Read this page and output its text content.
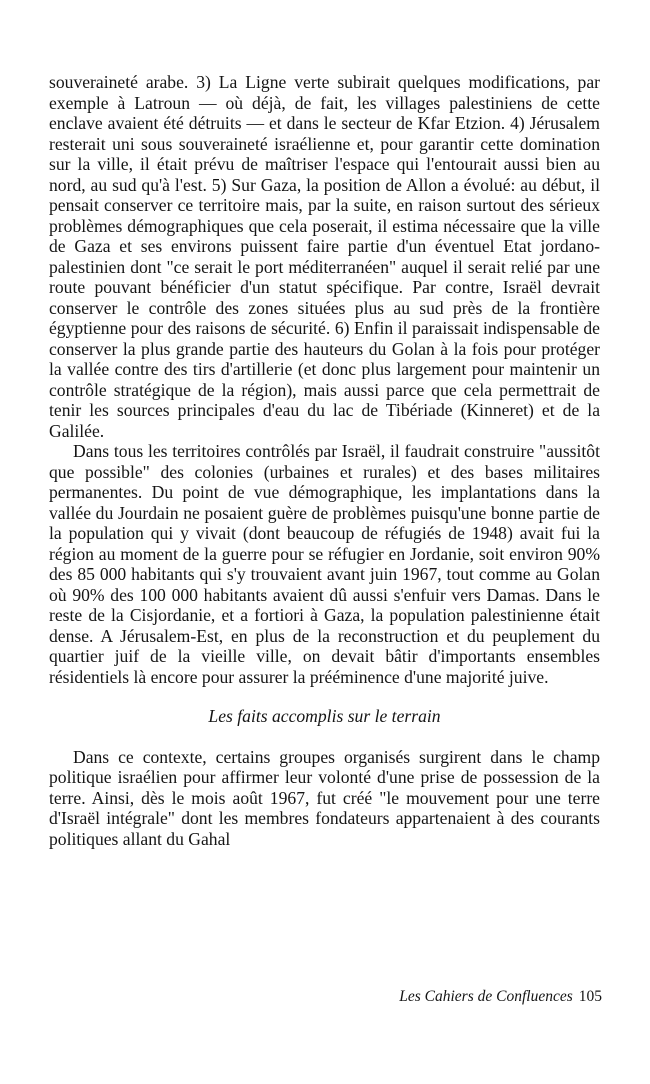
souveraineté arabe. 3) La Ligne verte subirait quelques modifications, par exemple à Latroun — où déjà, de fait, les villages palestiniens de cette enclave avaient été détruits — et dans le secteur de Kfar Etzion. 4) Jérusalem resterait uni sous souveraineté israélienne et, pour garantir cette domination sur la ville, il était prévu de maîtriser l'espace qui l'entourait aussi bien au nord, au sud qu'à l'est. 5) Sur Gaza, la position de Allon a évolué: au début, il pensait conserver ce territoire mais, par la suite, en raison surtout des sérieux problèmes démographiques que cela poserait, il estima nécessaire que la ville de Gaza et ses environs puissent faire partie d'un éventuel Etat jordano-palestinien dont "ce serait le port méditerranéen" auquel il serait relié par une route pouvant bénéficier d'un statut spécifique. Par contre, Israël devrait conserver le contrôle des zones situées plus au sud près de la frontière égyptienne pour des raisons de sécurité. 6) Enfin il paraissait indispensable de conserver la plus grande partie des hauteurs du Golan à la fois pour protéger la vallée contre des tirs d'artillerie (et donc plus largement pour maintenir un contrôle stratégique de la région), mais aussi parce que cela permettrait de tenir les sources principales d'eau du lac de Tibériade (Kinneret) et de la Galilée.

Dans tous les territoires contrôlés par Israël, il faudrait construire "aussitôt que possible" des colonies (urbaines et rurales) et des bases militaires permanentes. Du point de vue démographique, les implantations dans la vallée du Jourdain ne posaient guère de problèmes puisqu'une bonne partie de la population qui y vivait (dont beaucoup de réfugiés de 1948) avait fui la région au moment de la guerre pour se réfugier en Jordanie, soit environ 90% des 85 000 habitants qui s'y trouvaient avant juin 1967, tout comme au Golan où 90% des 100 000 habitants avaient dû aussi s'enfuir vers Damas. Dans le reste de la Cisjordanie, et a fortiori à Gaza, la population palestinienne était dense. A Jérusalem-Est, en plus de la reconstruction et du peuplement du quartier juif de la vieille ville, on devait bâtir d'importants ensembles résidentiels là encore pour assurer la prééminence d'une majorité juive.

Les faits accomplis sur le terrain

Dans ce contexte, certains groupes organisés surgirent dans le champ politique israélien pour affirmer leur volonté d'une prise de possession de la terre. Ainsi, dès le mois août 1967, fut créé "le mouvement pour une terre d'Israël intégrale" dont les membres fondateurs appartenaient à des courants politiques allant du Gahal

Les Cahiers de Confluences 105
